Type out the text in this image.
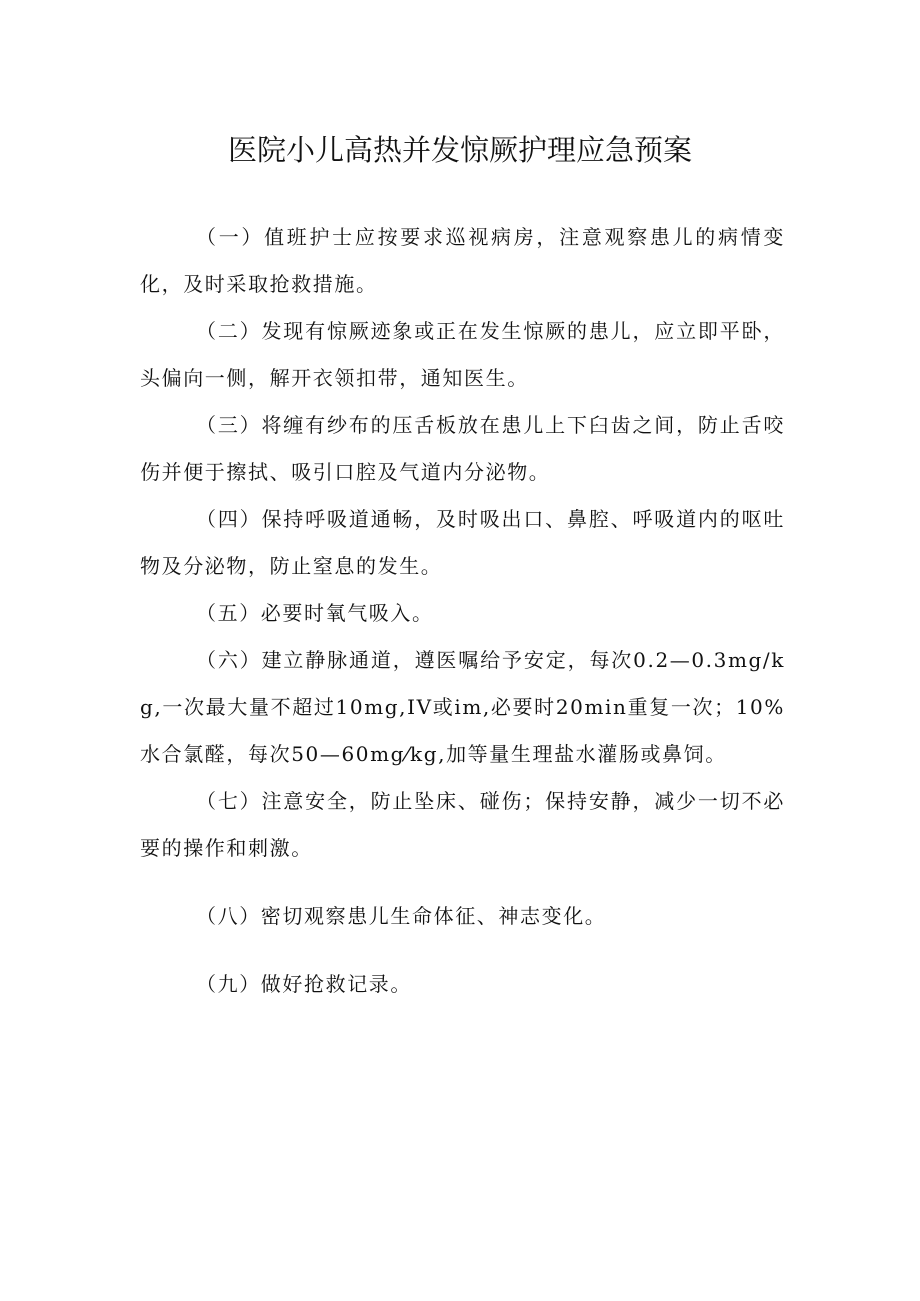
医院小儿高热并发惊厥护理应急预案

（一）值班护士应按要求巡视病房，注意观察患儿的病情变化，及时采取抢救措施。

（二）发现有惊厥迹象或正在发生惊厥的患儿，应立即平卧，头偏向一侧，解开衣领扣带，通知医生。

（三）将缠有纱布的压舌板放在患儿上下臼齿之间，防止舌咬伤并便于擦拭、吸引口腔及气道内分泌物。

（四）保持呼吸道通畅，及时吸出口、鼻腔、呼吸道内的呕吐物及分泌物，防止窒息的发生。

（五）必要时氧气吸入。

（六）建立静脉通道，遵医嘱给予安定，每次0.2—0.3mg/kg,一次最大量不超过10mg,IV或im,必要时20min重复一次；10%水合氯醛，每次50—60mg⁄kg,加等量生理盐水灌肠或鼻饲。

（七）注意安全，防止坠床、碰伤；保持安静，减少一切不必要的操作和刺激。

（八）密切观察患儿生命体征、神志变化。

（九）做好抢救记录。
